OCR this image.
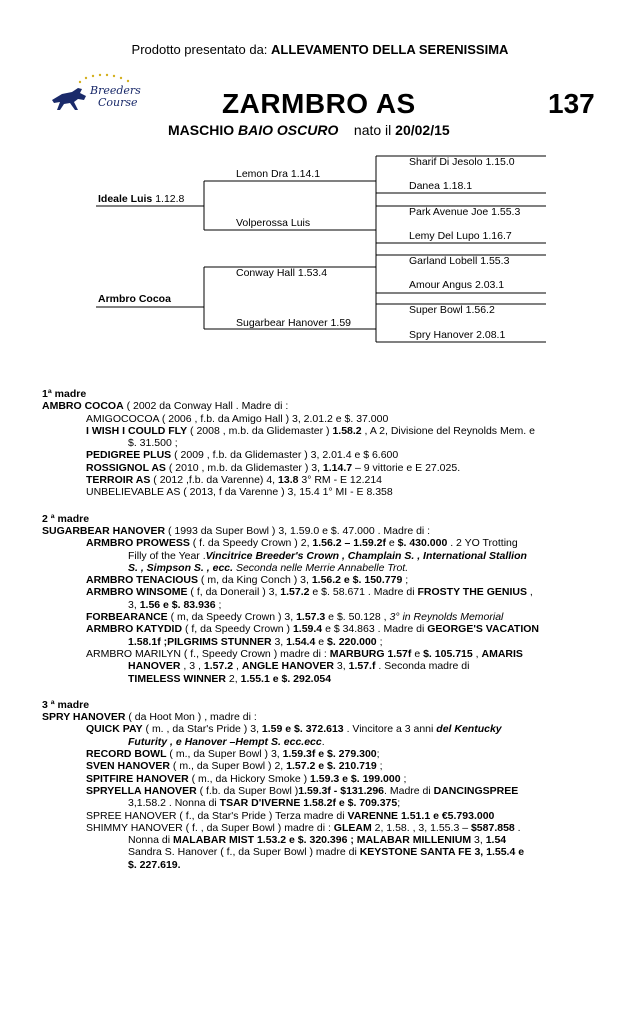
Prodotto presentato da: ALLEVAMENTO DELLA SERENISSIMA
Breeders
Course	ZARMBRO AS	137
MASCHIO BAIO OSCURO nato il 20/02/15
Ideale Luis 1.12.8
Armbro Cocoa
Lemon Dra 1.14.1
Volperossa Luis
Conway Hall 1.53.4
Sugarbear Hanover 1.59
Sharif Di Jesolo 1.15.0
Danea 1.18.1
Park Avenue Joe 1.55.3
Lemy Del Lupo 1.16.7
Garland Lobell 1.55.3
Amour Angus 2.03.1
Super Bowl 1.56.2
Spry Hanover 2.08.1

1ª madre

AMBRO COCOA ( 2002 da Conway Hall . Madre di :

AMIGOCOCOA ( 2006 , f.b. da Amigo Hall ) 3, 2.01.2 e $. 37.000

I WISH I COULD FLY ( 2008 , m.b. da Glidemaster ) 1.58.2 , A 2, Divisione del Reynolds Mem. e

$. 31.500 ;

PEDIGREE PLUS ( 2009 , f.b. da Glidemaster ) 3, 2.01.4 e $ 6.600

ROSSIGNOL AS ( 2010 , m.b. da Glidemaster ) 3, 1.14.7 – 9 vittorie e E 27.025.

TERROIR AS ( 2012 ,f.b. da Varenne) 4, 13.8 3° RM - E 12.214

UNBELIEVABLE AS ( 2013, f da Varenne ) 3, 15.4 1° MI - E 8.358

2 ª madre

SUGARBEAR HANOVER ( 1993 da Super Bowl ) 3, 1.59.0 e $. 47.000 . Madre di :

ARMBRO PROWESS ( f. da Speedy Crown ) 2, 1.56.2 – 1.59.2f e $. 430.000 . 2 YO Trotting

Filly of the Year .Vincitrice Breeder's Crown , Champlain S. , International Stallion

S. , Simpson S. , ecc. Seconda nelle Merrie Annabelle Trot.

ARMBRO TENACIOUS ( m, da King Conch ) 3, 1.56.2 e $. 150.779 ;

ARMBRO WINSOME ( f, da Donerail ) 3, 1.57.2 e $. 58.671 . Madre di FROSTY THE GENIUS ,

3, 1.56 e $. 83.936 ;

FORBEARANCE ( m, da Speedy Crown ) 3, 1.57.3 e $. 50.128 , 3° in Reynolds Memorial

ARMBRO KATYDID ( f, da Speedy Crown ) 1.59.4 e $ 34.863 . Madre di GEORGE'S VACATION

1.58.1f ;PILGRIMS STUNNER 3, 1.54.4 e $. 220.000 ;

ARMBRO MARILYN ( f., Speedy Crown ) madre di : MARBURG 1.57f e $. 105.715 , AMARIS

HANOVER , 3 , 1.57.2 , ANGLE HANOVER 3, 1.57.f . Seconda madre di

TIMELESS WINNER 2, 1.55.1 e $. 292.054

3 ª madre

SPRY HANOVER ( da Hoot Mon ) , madre di :

QUICK PAY ( m. , da Star's Pride ) 3, 1.59 e $. 372.613 . Vincitore a 3 anni del Kentucky

Futurity , e Hanover –Hempt S. ecc.ecc.

RECORD BOWL ( m., da Super Bowl ) 3, 1.59.3f e $. 279.300;

SVEN HANOVER ( m., da Super Bowl ) 2, 1.57.2 e $. 210.719 ;

SPITFIRE HANOVER ( m., da Hickory Smoke ) 1.59.3 e $. 199.000 ;

SPRYELLA HANOVER ( f.b. da Super Bowl )1.59.3f - $131.296. Madre di DANCINGSPREE

3,1.58.2 . Nonna di TSAR D'IVERNE 1.58.2f e $. 709.375;

SPREE HANOVER ( f., da Star's Pride ) Terza madre di VARENNE 1.51.1 e €5.793.000

SHIMMY HANOVER ( f. , da Super Bowl ) madre di : GLEAM 2, 1.58. , 3, 1.55.3 – $587.858 .

Nonna di MALABAR MIST 1.53.2 e $. 320.396 ; MALABAR MILLENIUM 3, 1.54

Sandra S. Hanover ( f., da Super Bowl ) madre di KEYSTONE SANTA FE 3, 1.55.4 e

$. 227.619.
